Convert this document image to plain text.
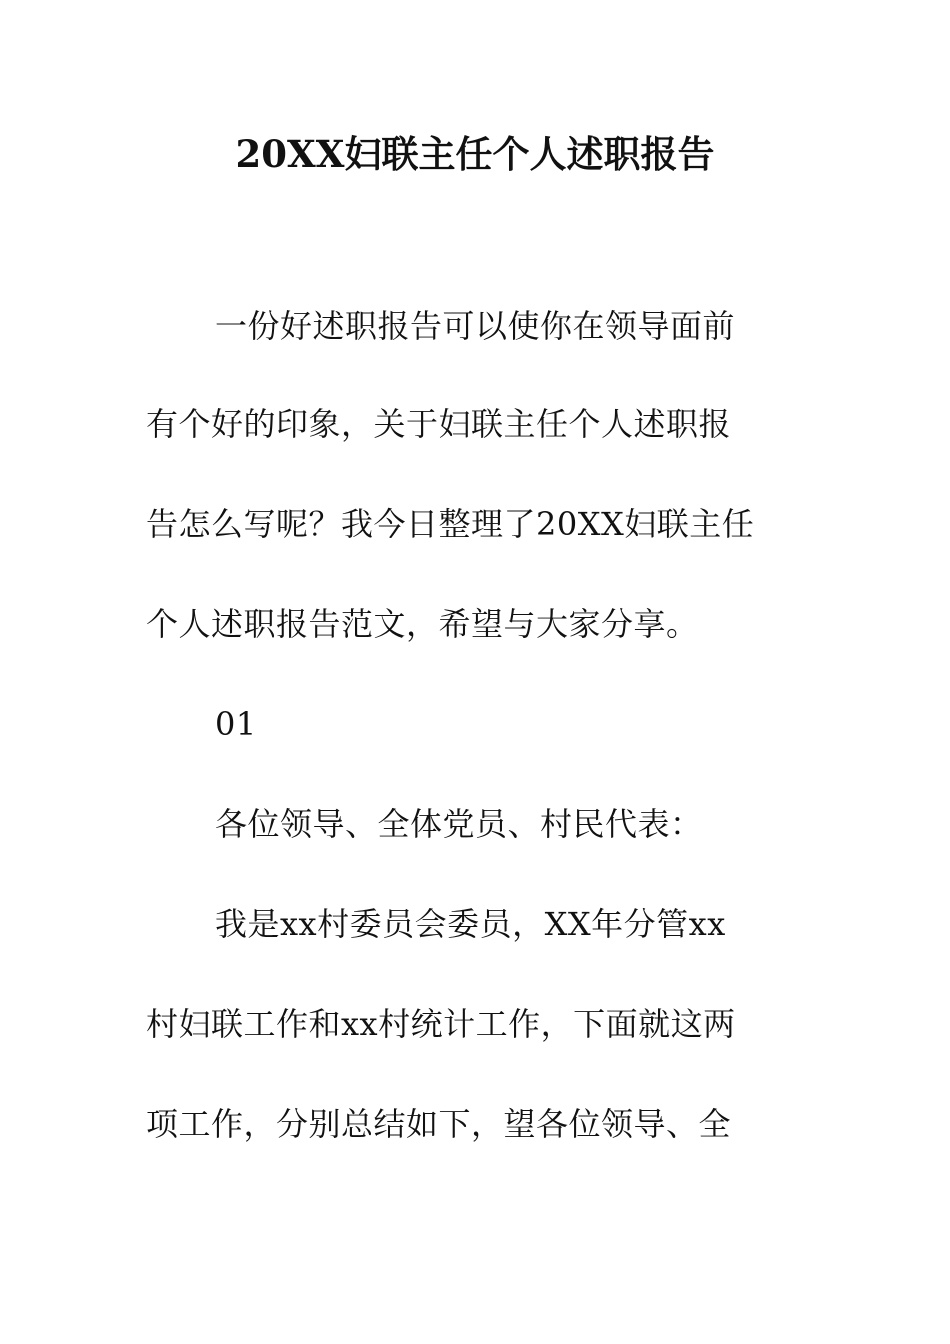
20XX妇联主任个人述职报告
一份好述职报告可以使你在领导面前
有个好的印象，关于妇联主任个人述职报
告怎么写呢？我今日整理了20XX妇联主任
个人述职报告范文，希望与大家分享。
01
各位领导、全体党员、村民代表：
我是xx村委员会委员，XX年分管xx
村妇联工作和xx村统计工作，下面就这两
项工作，分别总结如下，望各位领导、全
